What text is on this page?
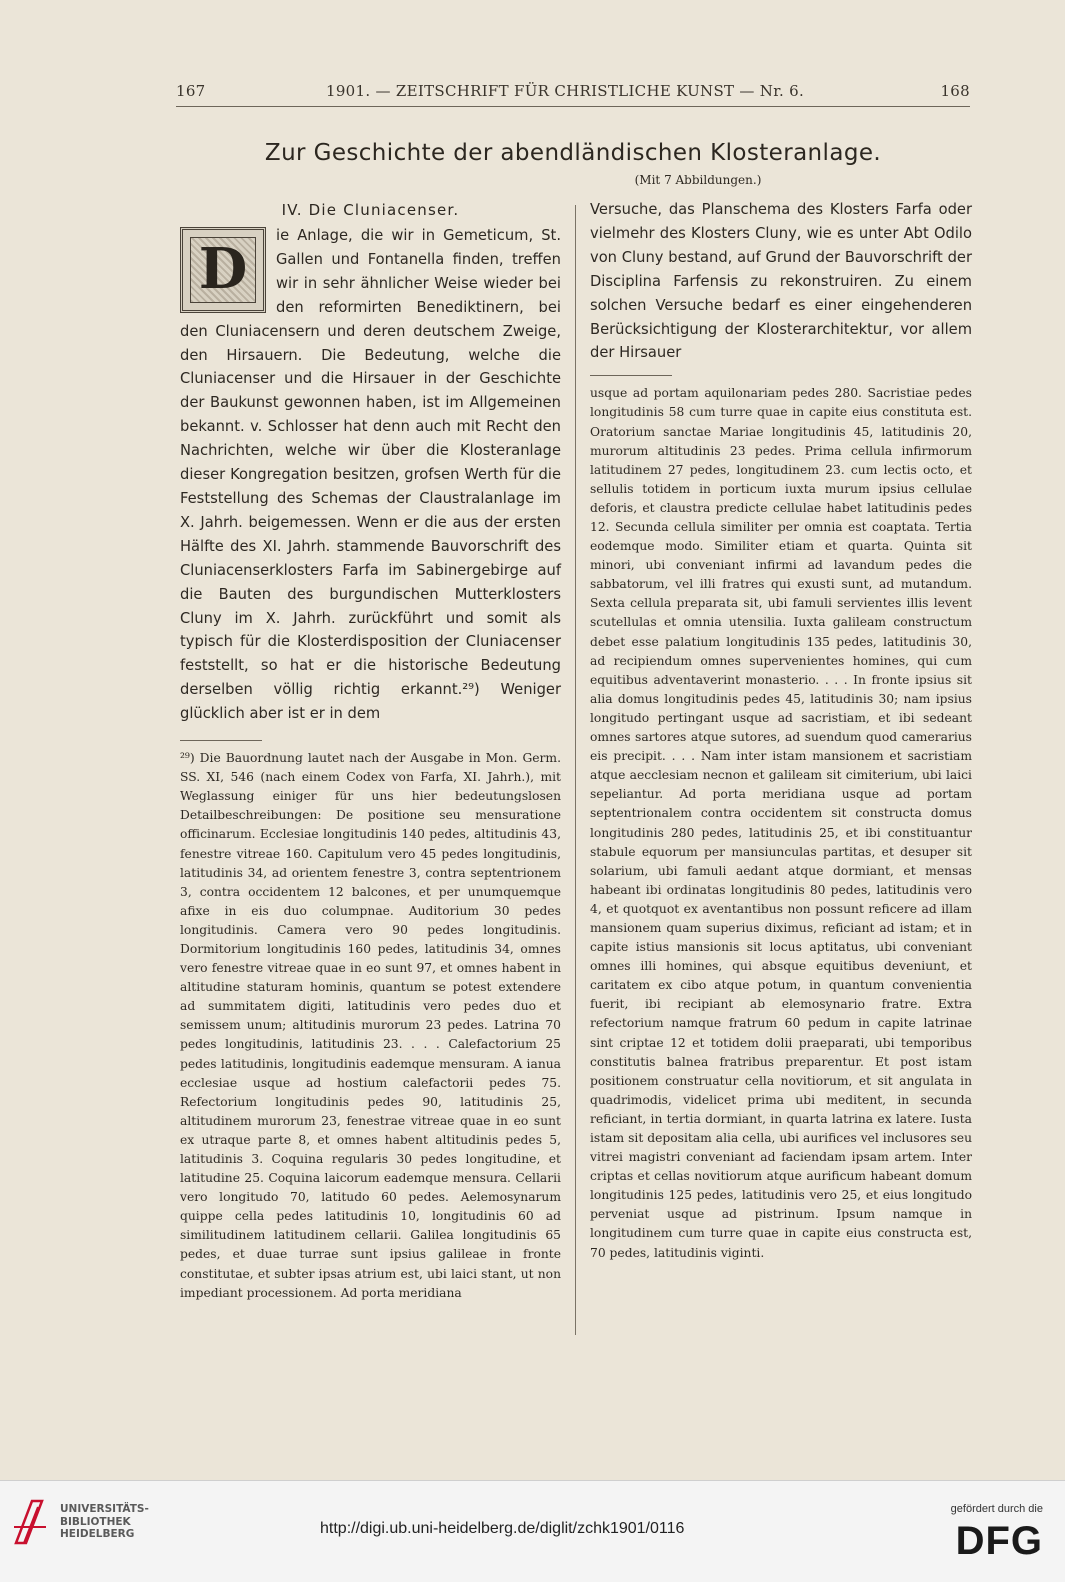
167	1901. — ZEITSCHRIFT FÜR CHRISTLICHE KUNST — Nr. 6.	168
Zur Geschichte der abendländischen Klosteranlage.
(Mit 7 Abbildungen.)
IV. Die Cluniacenser.
D

ie Anlage, die wir in Gemeticum, St. Gallen und Fontanella finden, treffen wir in sehr ähnlicher Weise wieder bei den reformirten Benediktinern, bei den Cluniacensern und deren deutschem Zweige, den Hirsauern. Die Bedeutung, welche die Cluniacenser und die Hirsauer in der Geschichte der Baukunst gewonnen haben, ist im Allgemeinen bekannt. v. Schlosser hat denn auch mit Recht den Nachrichten, welche wir über die Klosteranlage dieser Kongregation besitzen, grofsen Werth für die Feststellung des Schemas der Claustralanlage im X. Jahrh. beigemessen. Wenn er die aus der ersten Hälfte des XI. Jahrh. stammende Bauvorschrift des Cluniacenserklosters Farfa im Sabinergebirge auf die Bauten des burgundischen Mutterklosters Cluny im X. Jahrh. zurückführt und somit als typisch für die Klosterdisposition der Cluniacenser feststellt, so hat er die historische Bedeutung derselben völlig richtig erkannt.²⁹) Weniger glücklich aber ist er in dem

²⁹) Die Bauordnung lautet nach der Ausgabe in Mon. Germ. SS. XI, 546 (nach einem Codex von Farfa, XI. Jahrh.), mit Weglassung einiger für uns hier bedeutungslosen Detailbeschreibungen: De positione seu mensuratione officinarum. Ecclesiae longitudinis 140 pedes, altitudinis 43, fenestre vitreae 160. Capitulum vero 45 pedes longitudinis, latitudinis 34, ad orientem fenestre 3, contra septentrionem 3, contra occidentem 12 balcones, et per unumquemque afixe in eis duo columpnae. Auditorium 30 pedes longitudinis. Camera vero 90 pedes longitudinis. Dormitorium longitudinis 160 pedes, latitudinis 34, omnes vero fenestre vitreae quae in eo sunt 97, et omnes habent in altitudine staturam hominis, quantum se potest extendere ad summitatem digiti, latitudinis vero pedes duo et semissem unum; altitudinis murorum 23 pedes. Latrina 70 pedes longitudinis, latitudinis 23. . . . Calefactorium 25 pedes latitudinis, longitudinis eademque mensuram. A ianua ecclesiae usque ad hostium calefactorii pedes 75. Refectorium longitudinis pedes 90, latitudinis 25, altitudinem murorum 23, fenestrae vitreae quae in eo sunt ex utraque parte 8, et omnes habent altitudinis pedes 5, latitudinis 3. Coquina regularis 30 pedes longitudine, et latitudine 25. Coquina laicorum eademque mensura. Cellarii vero longitudo 70, latitudo 60 pedes. Aelemosynarum quippe cella pedes latitudinis 10, longitudinis 60 ad similitudinem latitudinem cellarii. Galilea longitudinis 65 pedes, et duae turrae sunt ipsius galileae in fronte constitutae, et subter ipsas atrium est, ubi laici stant, ut non impediant processionem. Ad porta meridiana

Versuche, das Planschema des Klosters Farfa oder vielmehr des Klosters Cluny, wie es unter Abt Odilo von Cluny bestand, auf Grund der Bauvorschrift der Disciplina Farfensis zu rekonstruiren. Zu einem solchen Versuche bedarf es einer eingehenderen Berücksichtigung der Klosterarchitektur, vor allem der Hirsauer

usque ad portam aquilonariam pedes 280. Sacristiae pedes longitudinis 58 cum turre quae in capite eius constituta est. Oratorium sanctae Mariae longitudinis 45, latitudinis 20, murorum altitudinis 23 pedes. Prima cellula infirmorum latitudinem 27 pedes, longitudinem 23. cum lectis octo, et sellulis totidem in porticum iuxta murum ipsius cellulae deforis, et claustra predicte cellulae habet latitudinis pedes 12. Secunda cellula similiter per omnia est coaptata. Tertia eodemque modo. Similiter etiam et quarta. Quinta sit minori, ubi conveniant infirmi ad lavandum pedes die sabbatorum, vel illi fratres qui exusti sunt, ad mutandum. Sexta cellula preparata sit, ubi famuli servientes illis levent scutellulas et omnia utensilia. Iuxta galileam constructum debet esse palatium longitudinis 135 pedes, latitudinis 30, ad recipiendum omnes supervenientes homines, qui cum equitibus adventaverint monasterio. . . . In fronte ipsius sit alia domus longitudinis pedes 45, latitudinis 30; nam ipsius longitudo pertingant usque ad sacristiam, et ibi sedeant omnes sartores atque sutores, ad suendum quod camerarius eis precipit. . . . Nam inter istam mansionem et sacristiam atque aecclesiam necnon et galileam sit cimiterium, ubi laici sepeliantur. Ad porta meridiana usque ad portam septentrionalem contra occidentem sit constructa domus longitudinis 280 pedes, latitudinis 25, et ibi constituantur stabule equorum per mansiunculas partitas, et desuper sit solarium, ubi famuli aedant atque dormiant, et mensas habeant ibi ordinatas longitudinis 80 pedes, latitudinis vero 4, et quotquot ex aventantibus non possunt reficere ad illam mansionem quam superius diximus, reficiant ad istam; et in capite istius mansionis sit locus aptitatus, ubi conveniant omnes illi homines, qui absque equitibus deveniunt, et caritatem ex cibo atque potum, in quantum convenientia fuerit, ibi recipiant ab elemosynario fratre. Extra refectorium namque fratrum 60 pedum in capite latrinae sint criptae 12 et totidem dolii praeparati, ubi temporibus constitutis balnea fratribus preparentur. Et post istam positionem construatur cella novitiorum, et sit angulata in quadrimodis, videlicet prima ubi meditent, in secunda reficiant, in tertia dormiant, in quarta latrina ex latere. Iusta istam sit depositam alia cella, ubi aurifices vel inclusores seu vitrei magistri conveniant ad faciendam ipsam artem. Inter criptas et cellas novitiorum atque aurificum habeant domum longitudinis 125 pedes, latitudinis vero 25, et eius longitudo perveniat usque ad pistrinum. Ipsum namque in longitudinem cum turre quae in capite eius constructa est, 70 pedes, latitudinis viginti.

UNIVERSITÄTS-
BIBLIOTHEK
HEIDELBERG	http://digi.ub.uni-heidelberg.de/diglit/zchk1901/0116
gefördert durch die
DFG
